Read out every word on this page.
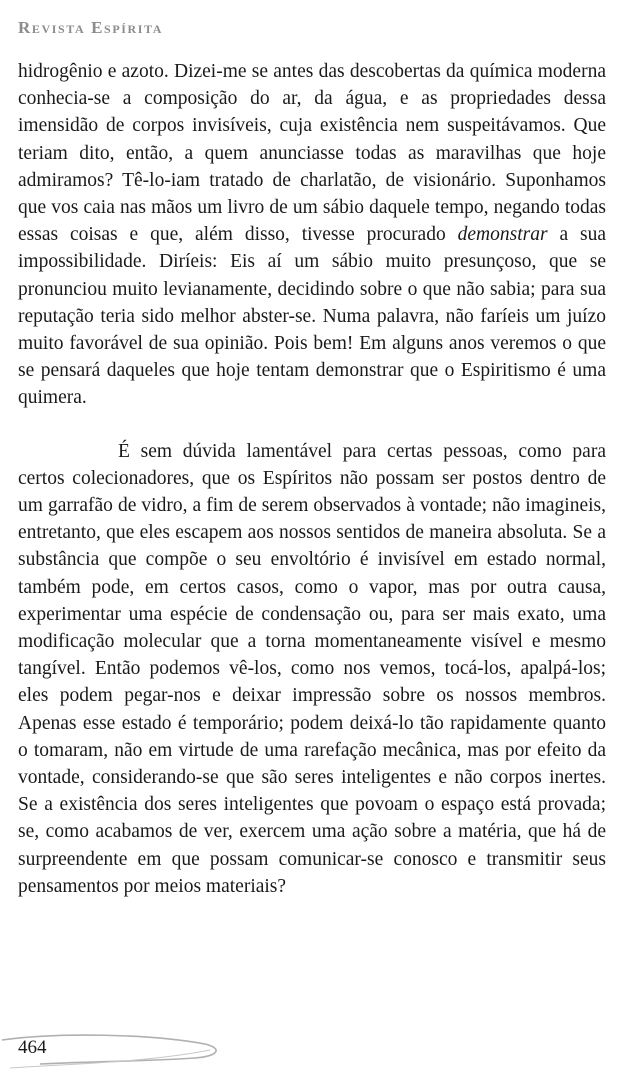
Revista Espírita

hidrogênio e azoto. Dizei-me se antes das descobertas da química moderna conhecia-se a composição do ar, da água, e as propriedades dessa imensidão de corpos invisíveis, cuja existência nem suspeitávamos. Que teriam dito, então, a quem anunciasse todas as maravilhas que hoje admiramos? Tê-lo-iam tratado de charlatão, de visionário. Suponhamos que vos caia nas mãos um livro de um sábio daquele tempo, negando todas essas coisas e que, além disso, tivesse procurado demonstrar a sua impossibilidade. Diríeis: Eis aí um sábio muito presunçoso, que se pronunciou muito levianamente, decidindo sobre o que não sabia; para sua reputação teria sido melhor abster-se. Numa palavra, não faríeis um juízo muito favorável de sua opinião. Pois bem! Em alguns anos veremos o que se pensará daqueles que hoje tentam demonstrar que o Espiritismo é uma quimera.

É sem dúvida lamentável para certas pessoas, como para certos colecionadores, que os Espíritos não possam ser postos dentro de um garrafão de vidro, a fim de serem observados à vontade; não imagineis, entretanto, que eles escapem aos nossos sentidos de maneira absoluta. Se a substância que compõe o seu envoltório é invisível em estado normal, também pode, em certos casos, como o vapor, mas por outra causa, experimentar uma espécie de condensação ou, para ser mais exato, uma modificação molecular que a torna momentaneamente visível e mesmo tangível. Então podemos vê-los, como nos vemos, tocá-los, apalpá-los; eles podem pegar-nos e deixar impressão sobre os nossos membros. Apenas esse estado é temporário; podem deixá-lo tão rapidamente quanto o tomaram, não em virtude de uma rarefação mecânica, mas por efeito da vontade, considerando-se que são seres inteligentes e não corpos inertes. Se a existência dos seres inteligentes que povoam o espaço está provada; se, como acabamos de ver, exercem uma ação sobre a matéria, que há de surpreendente em que possam comunicar-se conosco e transmitir seus pensamentos por meios materiais?

464
